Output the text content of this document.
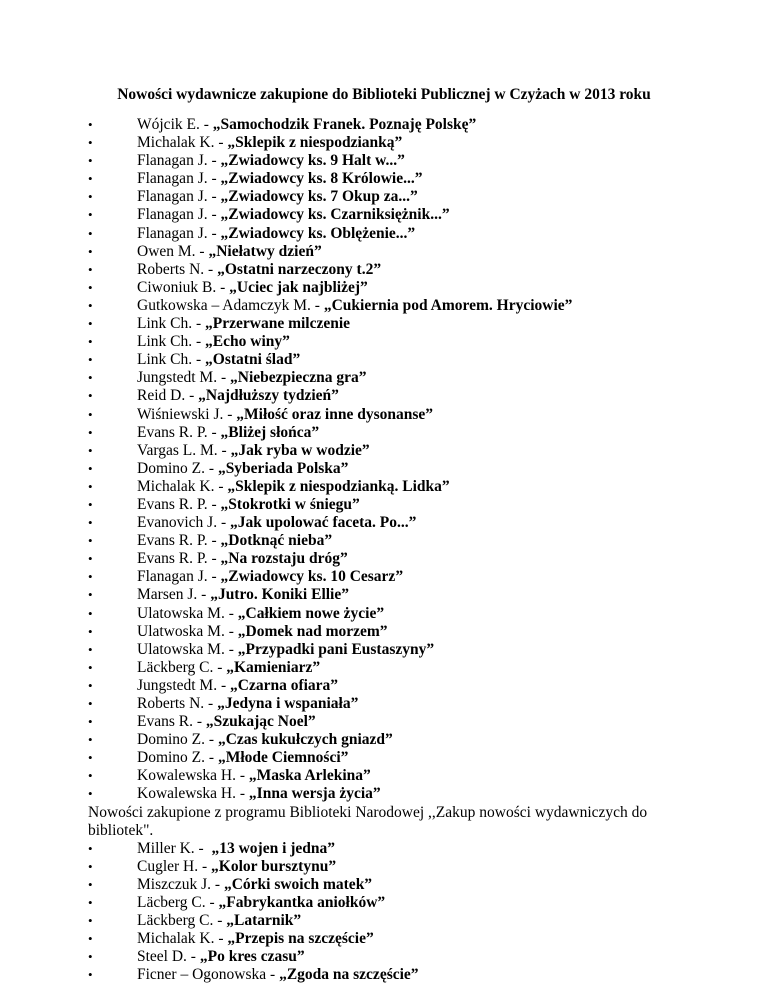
Nowości wydawnicze zakupione do Biblioteki Publicznej w Czyżach w 2013 roku
•	Wójcik E. - „Samochodzik Franek. Poznaję Polskę”
•	Michalak K. - „Sklepik z niespodzianką”
•	Flanagan J. - „Zwiadowcy ks. 9 Halt w...”
•	Flanagan J. - „Zwiadowcy ks. 8 Królowie...”
•	Flanagan J. - „Zwiadowcy ks. 7 Okup za...”
•	Flanagan J. - „Zwiadowcy ks. Czarniksiężnik...”
•	Flanagan J. - „Zwiadowcy ks. Oblężenie...”
•	Owen M. - „Niełatwy dzień”
•	Roberts N. - „Ostatni narzeczony t.2”
•	Ciwoniuk B. - „Uciec jak najbliżej”
•	Gutkowska – Adamczyk M. - „Cukiernia pod Amorem. Hryciowie”
•	Link Ch. - „Przerwane milczenie
•	Link Ch. - „Echo winy”
•	Link Ch. - „Ostatni ślad”
•	Jungstedt M. - „Niebezpieczna gra”
•	Reid D. - „Najdłuższy tydzień”
•	Wiśniewski J. - „Miłość oraz inne dysonanse”
•	Evans R. P. - „Bliżej słońca”
•	Vargas L. M. - „Jak ryba w wodzie”
•	Domino Z. - „Syberiada Polska”
•	Michalak K. - „Sklepik z niespodzianką. Lidka”
•	Evans R. P. - „Stokrotki w śniegu”
•	Evanovich J. - „Jak upolować faceta. Po...”
•	Evans R. P. - „Dotknąć nieba”
•	Evans R. P. - „Na rozstaju dróg”
•	Flanagan J. - „Zwiadowcy ks. 10 Cesarz”
•	Marsen J. - „Jutro. Koniki Ellie”
•	Ulatowska M. - „Całkiem nowe życie”
•	Ulatwoska M. - „Domek nad morzem”
•	Ulatowska M. - „Przypadki pani Eustaszyny”
•	Läckberg C. - „Kamieniarz”
•	Jungstedt M. - „Czarna ofiara”
•	Roberts N. - „Jedyna i wspaniała”
•	Evans R. - „Szukając Noel”
•	Domino Z. - „Czas kukułczych gniazd”
•	Domino Z. - „Młode Ciemności”
•	Kowalewska H. - „Maska Arlekina”
•	Kowalewska H. - „Inna wersja życia”
Nowości zakupione z programu Biblioteki Narodowej ,,Zakup nowości wydawniczych do bibliotek".
•	Miller K. -  „13 wojen i jedna”
•	Cugler H. - „Kolor bursztynu”
•	Miszczuk J. - „Córki swoich matek”
•	Läcberg C. - „Fabrykantka aniołków”
•	Läckberg C. - „Latarnik”
•	Michalak K. - „Przepis na szczęście”
•	Steel D. - „Po kres czasu”
•	Ficner – Ogonowska - „Zgoda na szczęście”
